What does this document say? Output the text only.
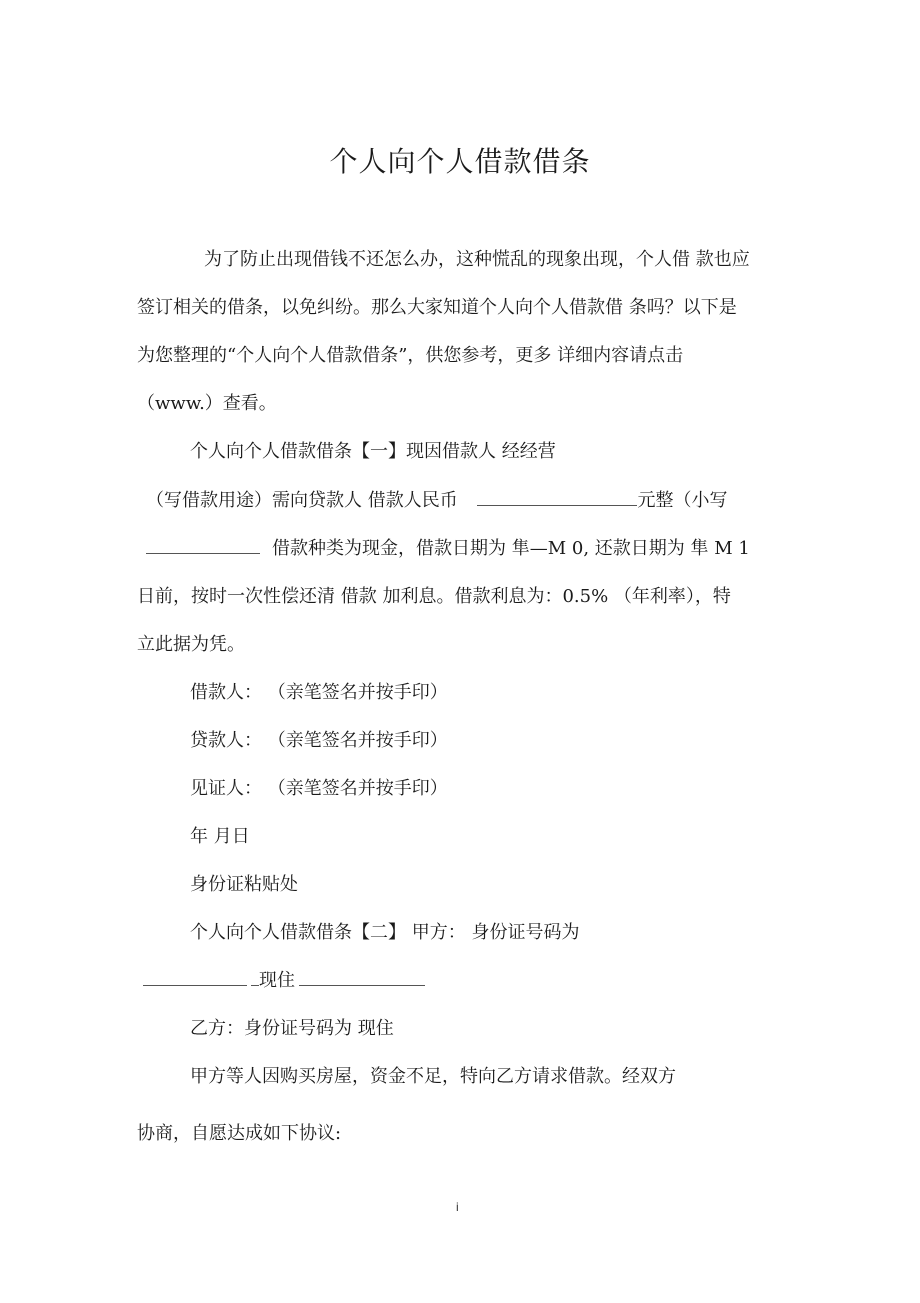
个人向个人借款借条
为了防止出现借钱不还怎么办，这种慌乱的现象出现，个人借 款也应
签订相关的借条，以免纠纷。那么大家知道个人向个人借款借 条吗？以下是
为您整理的“个人向个人借款借条”，供您参考，更多 详细内容请点击
（www.）查看。
个人向个人借款借条【一】现因借款人 经经营
（写借款用途）需向贷款人 借款人民币	元整（小写
借款种类为现金，借款日期为 隼—M 0, 还款日期为 隼 M 1
日前，按时一次性偿还清 借款 加利息。借款利息为：0.5% （年利率），特
立此据为凭。
借款人： （亲笔签名并按手印）
贷款人： （亲笔签名并按手印）
见证人： （亲笔签名并按手印）
年 月日
身份证粘贴处
个人向个人借款借条【二】 甲方： 身份证号码为
现住
乙方：身份证号码为 现住
甲方等人因购买房屋，资金不足，特向乙方请求借款。经双方
协商，自愿达成如下协议:
i
